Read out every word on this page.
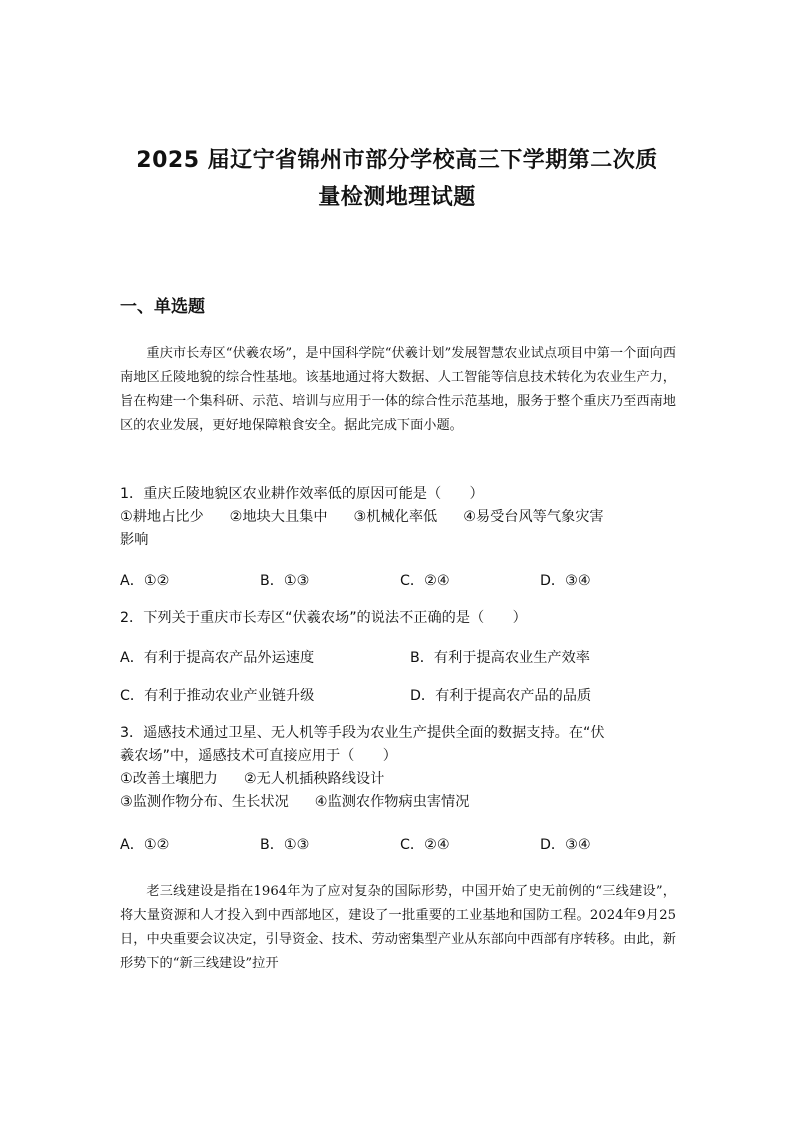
2025 届辽宁省锦州市部分学校高三下学期第二次质
量检测地理试题
一、单选题

重庆市长寿区“伏羲农场”，是中国科学院“伏羲计划”发展智慧农业试点项目中第一个面向西南地区丘陵地貌的综合性基地。该基地通过将大数据、人工智能等信息技术转化为农业生产力，旨在构建一个集科研、示范、培训与应用于一体的综合性示范基地，服务于整个重庆乃至西南地区的农业发展，更好地保障粮食安全。据此完成下面小题。

1．重庆丘陵地貌区农业耕作效率低的原因可能是（　　）
①耕地占比少 ②地块大且集中 ③机械化率低 ④易受台风等气象灾害
影响
A．①②	B．①③	C．②④	D．③④
2．下列关于重庆市长寿区“伏羲农场”的说法不正确的是（　　）
A．有利于提高农产品外运速度	B．有利于提高农业生产效率
C．有利于推动农业产业链升级	D．有利于提高农产品的品质
3．遥感技术通过卫星、无人机等手段为农业生产提供全面的数据支持。在“伏
羲农场”中，遥感技术可直接应用于（　　）
①改善土壤肥力 ②无人机插秧路线设计
③监测作物分布、生长状况 ④监测农作物病虫害情况
A．①②	B．①③	C．②④	D．③④

老三线建设是指在1964年为了应对复杂的国际形势，中国开始了史无前例的“三线建设”，将大量资源和人才投入到中西部地区，建设了一批重要的工业基地和国防工程。2024年9月25日，中央重要会议决定，引导资金、技术、劳动密集型产业从东部向中西部有序转移。由此，新形势下的“新三线建设”拉开
